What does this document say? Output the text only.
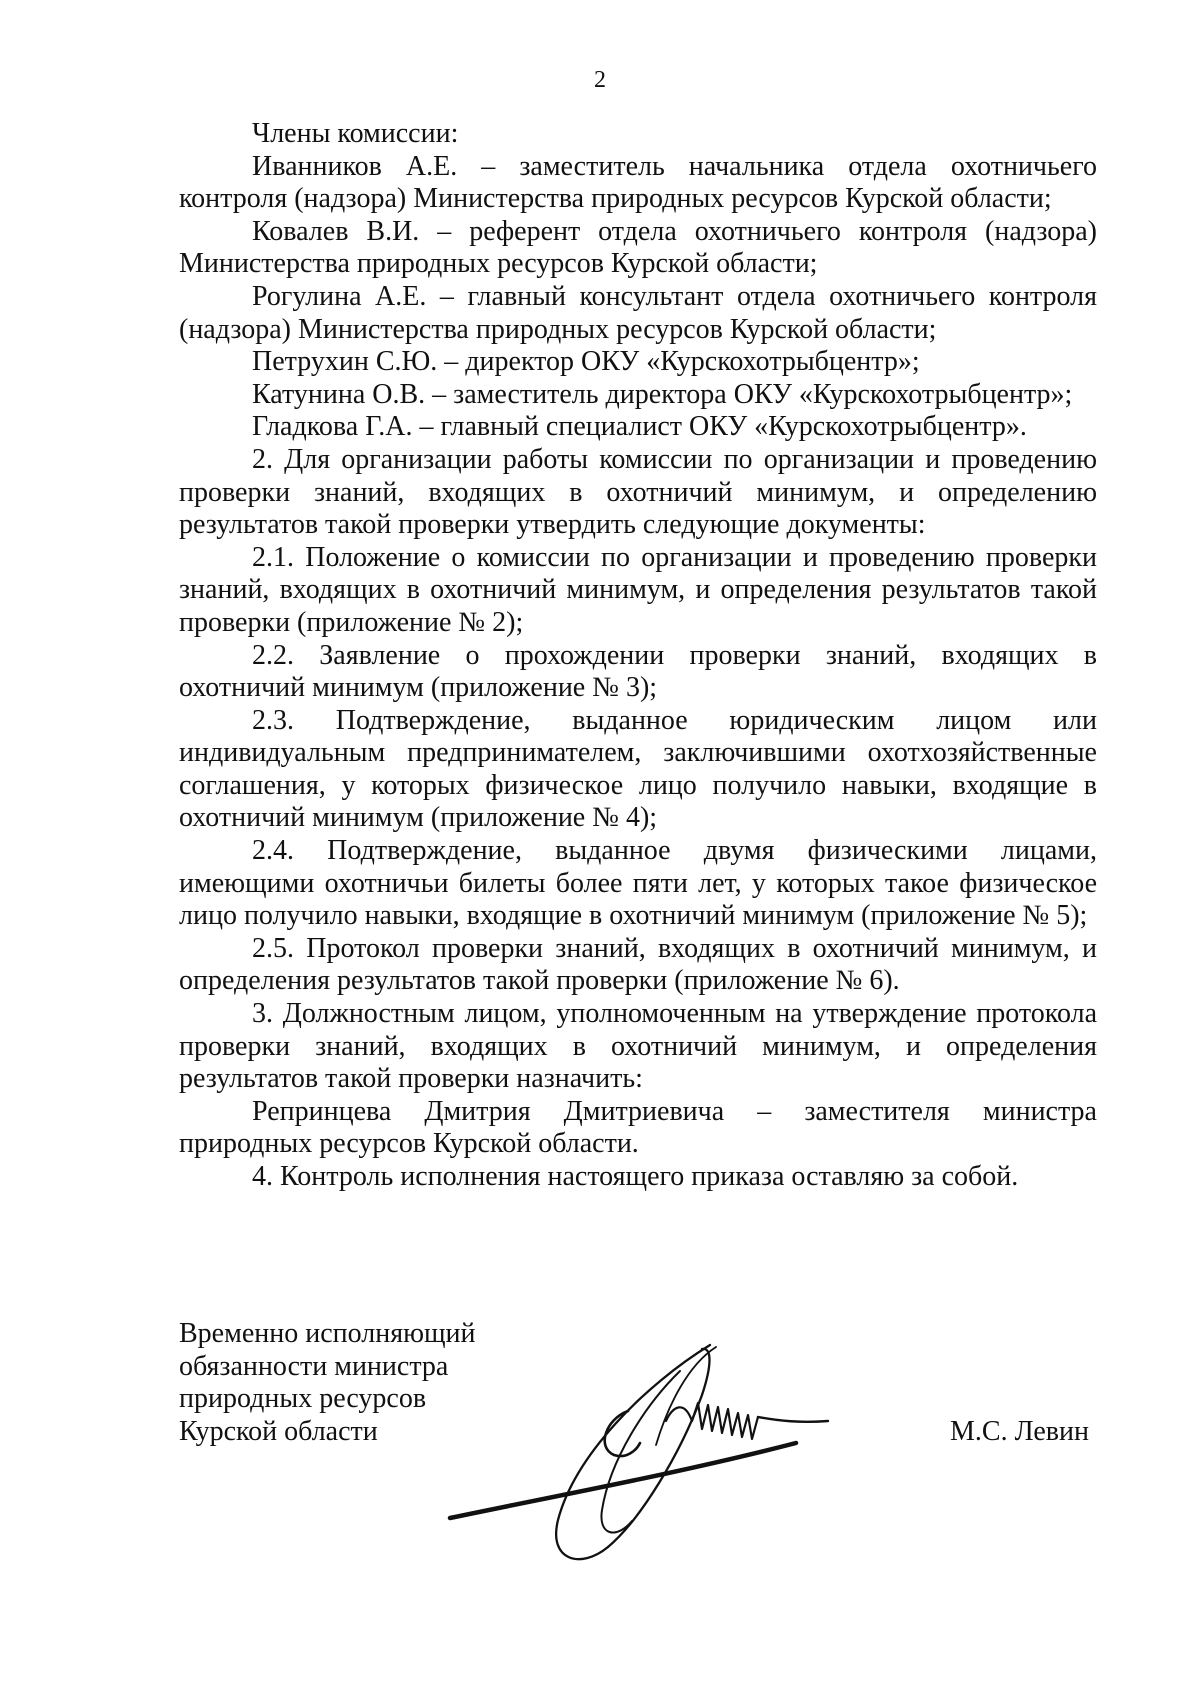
2

Члены комиссии:

Иванников А.Е. – заместитель начальника отдела охотничьего контроля (надзора) Министерства природных ресурсов Курской области;

Ковалев В.И. – референт отдела охотничьего контроля (надзора) Министерства природных ресурсов Курской области;

Рогулина А.Е. – главный консультант отдела охотничьего контроля (надзора) Министерства природных ресурсов Курской области;

Петрухин С.Ю. – директор ОКУ «Курскохотрыбцентр»;

Катунина О.В. – заместитель директора ОКУ «Курскохотрыбцентр»;

Гладкова Г.А. – главный специалист ОКУ «Курскохотрыбцентр».

2. Для организации работы комиссии по организации и проведению проверки знаний, входящих в охотничий минимум, и определению результатов такой проверки утвердить следующие документы:

2.1. Положение о комиссии по организации и проведению проверки знаний, входящих в охотничий минимум, и определения результатов такой проверки (приложение № 2);

2.2. Заявление о прохождении проверки знаний, входящих в охотничий минимум (приложение № 3);

2.3. Подтверждение, выданное юридическим лицом или индивидуальным предпринимателем, заключившими охотхозяйственные соглашения, у которых физическое лицо получило навыки, входящие в охотничий минимум (приложение № 4);

2.4. Подтверждение, выданное двумя физическими лицами, имеющими охотничьи билеты более пяти лет, у которых такое физическое лицо получило навыки, входящие в охотничий минимум (приложение № 5);

2.5. Протокол проверки знаний, входящих в охотничий минимум, и определения результатов такой проверки (приложение № 6).

3. Должностным лицом, уполномоченным на утверждение протокола проверки знаний, входящих в охотничий минимум, и определения результатов такой проверки назначить:

Репринцева Дмитрия Дмитриевича – заместителя министра природных ресурсов Курской области.

4. Контроль исполнения настоящего приказа оставляю за собой.

Временно исполняющий
обязанности министра
природных ресурсов
Курской области	М.С. Левин
